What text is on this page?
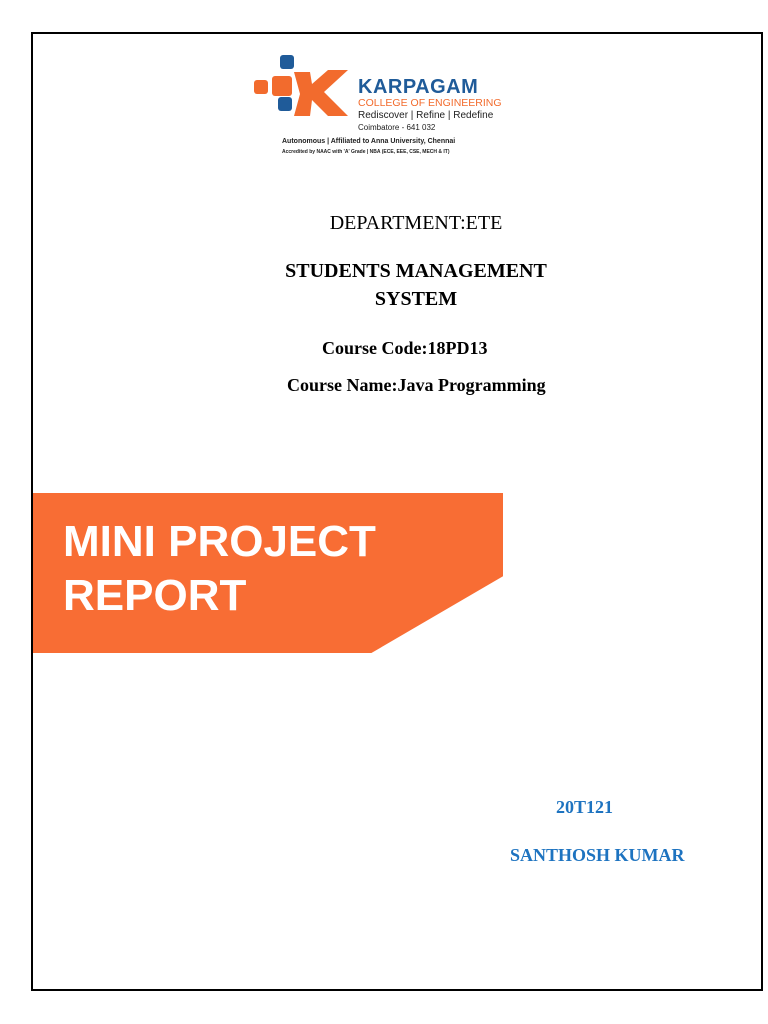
KARPAGAM
COLLEGE OF ENGINEERING
Rediscover | Refine | Redefine
Coimbatore - 641 032
Autonomous | Affiliated to Anna University, Chennai
Accredited by NAAC with 'A' Grade | NBA (ECE, EEE, CSE, MECH & IT)
DEPARTMENT:ETE
STUDENTS MANAGEMENT
SYSTEM
Course Code:18PD13
Course Name:Java Programming
MINI PROJECT
REPORT
20T121
SANTHOSH KUMAR
